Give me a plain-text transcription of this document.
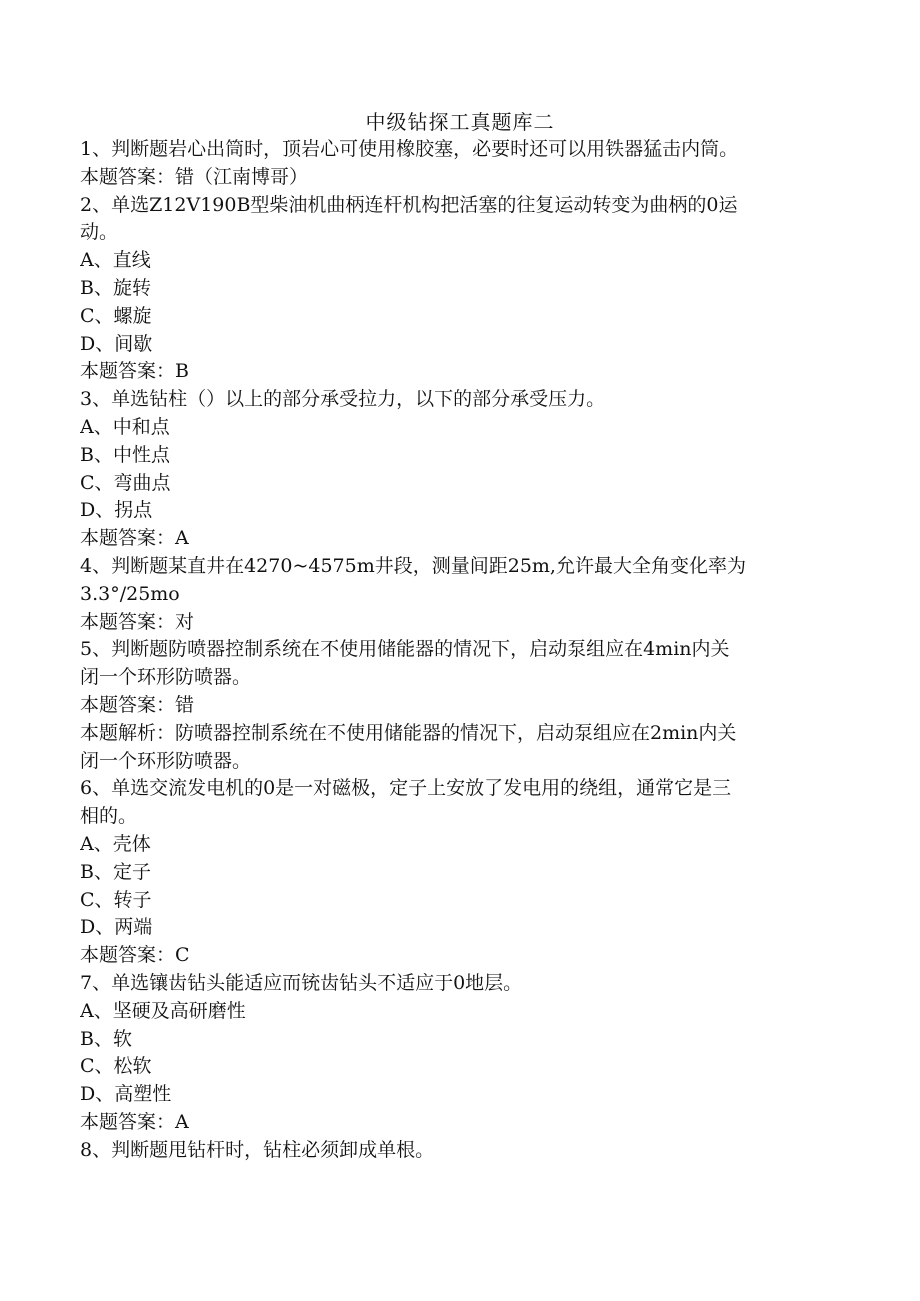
中级钻探工真题库二
1、判断题岩心出筒时，顶岩心可使用橡胶塞，必要时还可以用铁器猛击内筒。
本题答案：错（江南博哥）
2、单选Z12V190B型柴油机曲柄连杆机构把活塞的往复运动转变为曲柄的0运
动。
A、直线
B、旋转
C、螺旋
D、间歇
本题答案：B
3、单选钻柱（）以上的部分承受拉力，以下的部分承受压力。
A、中和点
B、中性点
C、弯曲点
D、拐点
本题答案：A
4、判断题某直井在4270~4575m井段，测量间距25m,允许最大全角变化率为
3.3°/25mo
本题答案：对
5、判断题防喷器控制系统在不使用储能器的情况下，启动泵组应在4min内关
闭一个环形防喷器。
本题答案：错
本题解析：防喷器控制系统在不使用储能器的情况下，启动泵组应在2min内关
闭一个环形防喷器。
6、单选交流发电机的0是一对磁极，定子上安放了发电用的绕组，通常它是三
相的。
A、壳体
B、定子
C、转子
D、两端
本题答案：C
7、单选镶齿钻头能适应而铳齿钻头不适应于0地层。
A、坚硬及高研磨性
B、软
C、松软
D、高塑性
本题答案：A
8、判断题甩钻杆时，钻柱必须卸成单根。
